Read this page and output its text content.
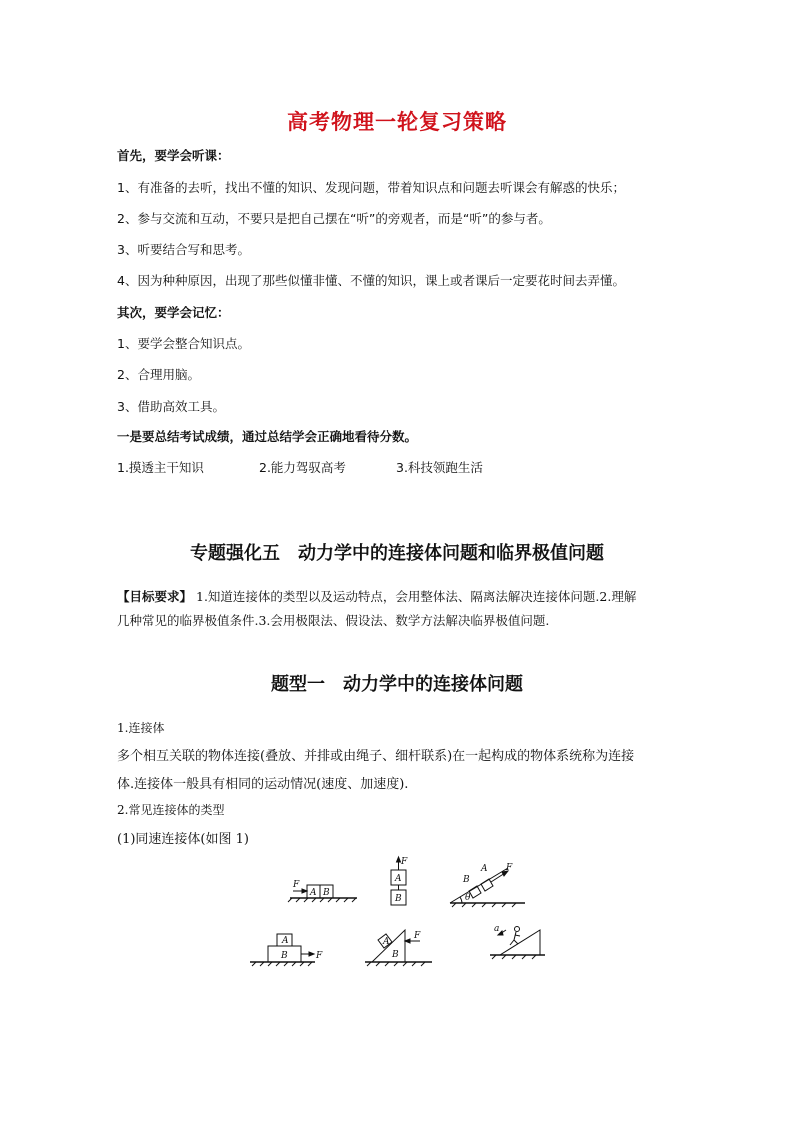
高考物理一轮复习策略
首先，要学会听课：
1、有准备的去听，找出不懂的知识、发现问题，带着知识点和问题去听课会有解惑的快乐；
2、参与交流和互动，不要只是把自己摆在“听”的旁观者，而是“听”的参与者。
3、听要结合写和思考。
4、因为种种原因，出现了那些似懂非懂、不懂的知识，课上或者课后一定要花时间去弄懂。
其次，要学会记忆：
1、要学会整合知识点。
2、合理用脑。
3、借助高效工具。
一是要总结考试成绩，通过总结学会正确地看待分数。
1.摸透主干知识	2.能力驾驭高考	3.科技领跑生活
专题强化五　动力学中的连接体问题和临界极值问题
【目标要求】 1.知道连接体的类型以及运动特点，会用整体法、隔离法解决连接体问题.2.理解
几种常见的临界极值条件.3.会用极限法、假设法、数学方法解决临界极值问题.
题型一　动力学中的连接体问题
1.连接体
多个相互关联的物体连接(叠放、并排或由绳子、细杆联系)在一起构成的物体系统称为连接
体.连接体一般具有相同的运动情况(速度、加速度).
2.常见连接体的类型
(1)同速连接体(如图 1)
F
A B
F
A
B
A
B
F
θ
A
B	F
A
B
F
a
